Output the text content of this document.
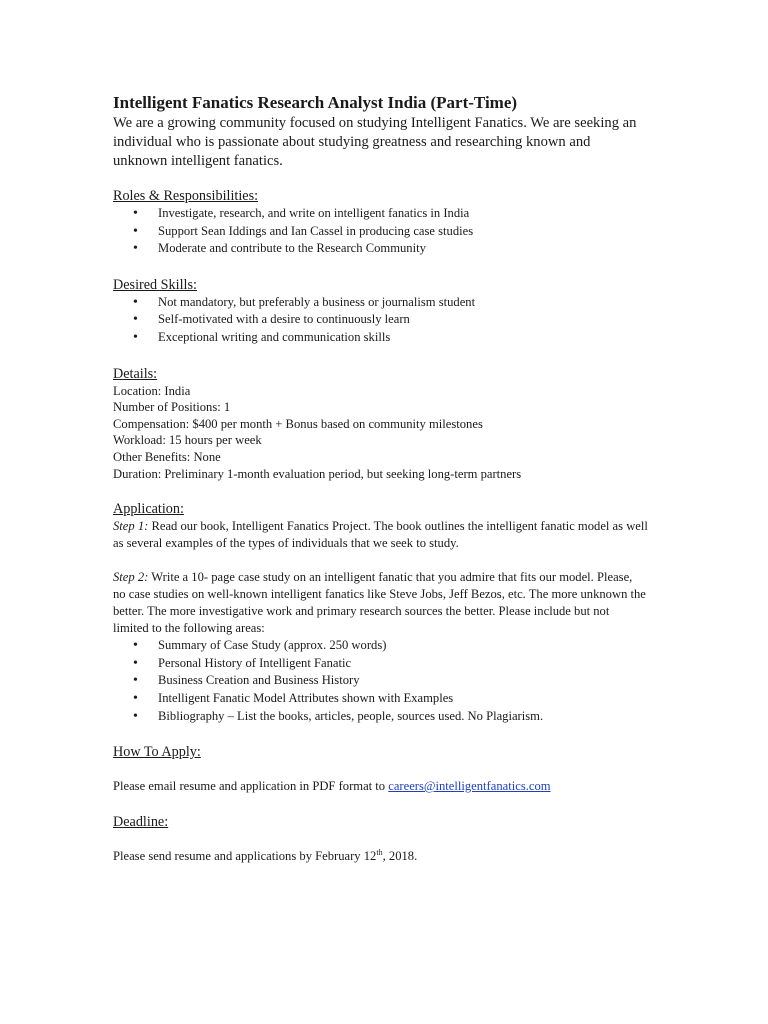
Intelligent Fanatics Research Analyst India (Part-Time)

We are a growing community focused on studying Intelligent Fanatics. We are seeking an individual who is passionate about studying greatness and researching known and unknown intelligent fanatics.

Roles & Responsibilities:

• Investigate, research, and write on intelligent fanatics in India
• Support Sean Iddings and Ian Cassel in producing case studies
• Moderate and contribute to the Research Community

Desired Skills:

• Not mandatory, but preferably a business or journalism student
• Self-motivated with a desire to continuously learn
• Exceptional writing and communication skills

Details:

Location: India

Number of Positions: 1

Compensation: $400 per month + Bonus based on community milestones

Workload: 15 hours per week

Other Benefits: None

Duration: Preliminary 1-month evaluation period, but seeking long-term partners

Application:

Step 1: Read our book, Intelligent Fanatics Project. The book outlines the intelligent fanatic model as well as several examples of the types of individuals that we seek to study.

Step 2: Write a 10- page case study on an intelligent fanatic that you admire that fits our model. Please, no case studies on well-known intelligent fanatics like Steve Jobs, Jeff Bezos, etc. The more unknown the better. The more investigative work and primary research sources the better. Please include but not limited to the following areas:

• Summary of Case Study (approx. 250 words)
• Personal History of Intelligent Fanatic
• Business Creation and Business History
• Intelligent Fanatic Model Attributes shown with Examples
• Bibliography – List the books, articles, people, sources used. No Plagiarism.

How To Apply:

Please email resume and application in PDF format to careers@intelligentfanatics.com

Deadline:

Please send resume and applications by February 12th, 2018.
